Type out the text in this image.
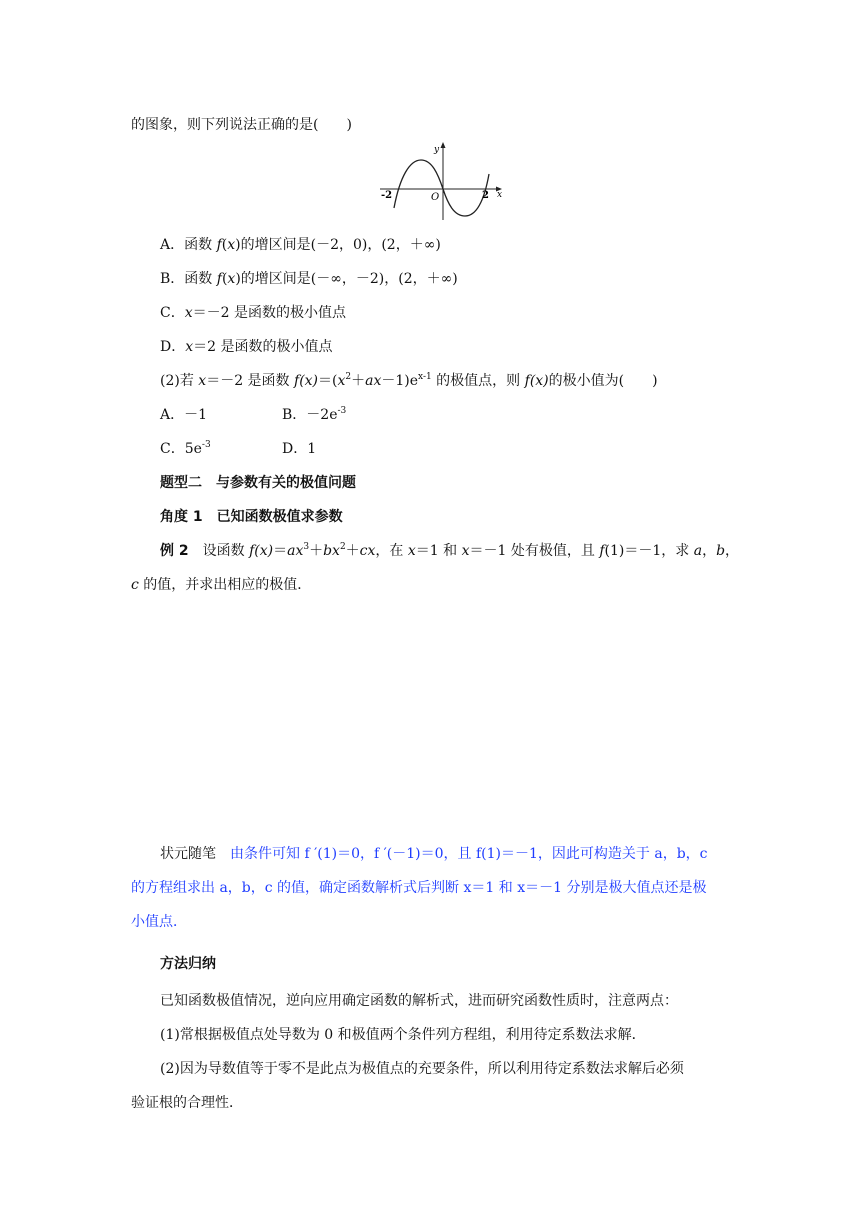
的图象，则下列说法正确的是(　　)
y
x
O
-2	2
A．函数 f(x)的增区间是(－2，0)，(2，＋∞)
B．函数 f(x)的增区间是(－∞，－2)，(2，＋∞)
C．x＝－2 是函数的极小值点
D．x＝2 是函数的极小值点
(2)若 x＝－2 是函数 $f(x)=(x^2+ax-1)e^{x-1}$ 的极值点，则 f(x)的极小值为(　　)
A．－1	B．$-2e^{-3}$
C．$5e^{-3}$	D．1
题型二　与参数有关的极值问题
角度 1　已知函数极值求参数
例 2　 设函数 $f(x)=ax^3+bx^2+cx$，在 x＝1 和 x＝－1 处有极值，且 f(1)＝－1，求 a，b，
c 的值，并求出相应的极值．
状元随笔　 由条件可知 f ′(1)＝0，f ′(－1)＝0，且 f(1)＝－1，因此可构造关于 a，b，c
的方程组求出 a，b，c 的值，确定函数解析式后判断 x＝1 和 x＝－1 分别是极大值点还是极
小值点．
方法归纳
已知函数极值情况，逆向应用确定函数的解析式，进而研究函数性质时，注意两点：
(1)常根据极值点处导数为 0 和极值两个条件列方程组，利用待定系数法求解．
(2)因为导数值等于零不是此点为极值点的充要条件，所以利用待定系数法求解后必须
验证根的合理性．
